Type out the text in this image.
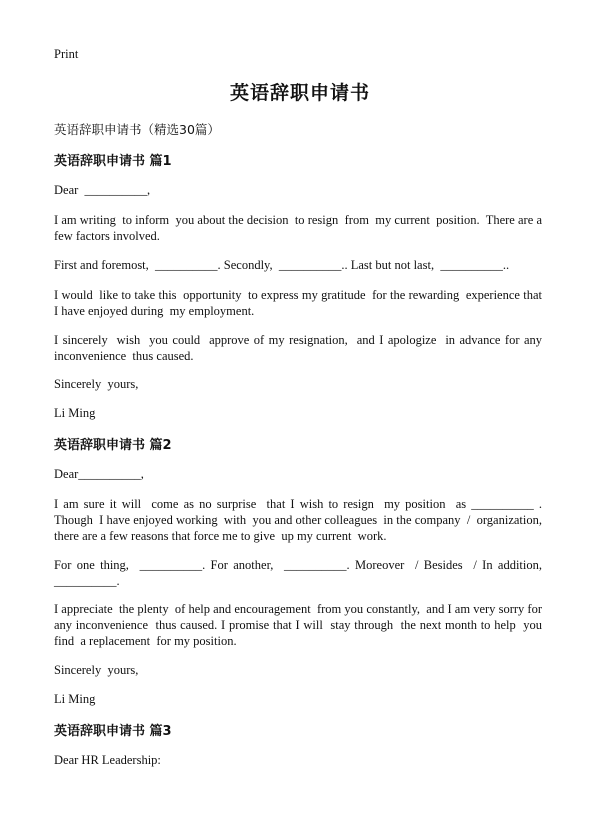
Print
英语辞职申请书
英语辞职申请书（精选30篇）
英语辞职申请书 篇1
Dear  __________,
I am writing  to inform  you about the decision  to resign  from  my current  position.  There are a few factors involved.
First and foremost,  __________. Secondly,  __________.. Last but not last,  __________..
I would  like to take this  opportunity  to express my gratitude  for the rewarding  experience that I have enjoyed during  my employment.
I sincerely  wish  you could  approve of my resignation,  and I apologize  in advance for any inconvenience  thus caused.
Sincerely  yours,
Li Ming
英语辞职申请书 篇2
Dear__________,
I am sure it will  come as no surprise  that I wish to resign  my position  as __________ .  Though  I have enjoyed working  with  you and other colleagues  in the company  /  organization,   there are a few reasons that force me to give  up my current  work.
For one thing,  __________. For another,  __________. Moreover  / Besides  / In addition,  __________.
I appreciate  the plenty  of help and encouragement  from you constantly,  and I am very sorry for any inconvenience  thus caused. I promise that I will  stay through  the next month to help  you find  a replacement  for my position.
Sincerely  yours,
Li Ming
英语辞职申请书 篇3
Dear HR Leadership:
